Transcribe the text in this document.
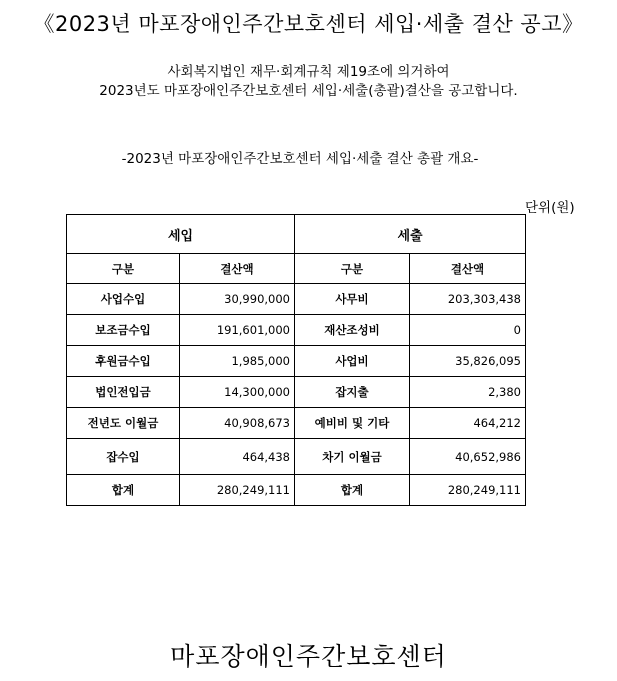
《2023년 마포장애인주간보호센터 세입·세출 결산 공고》
사회복지법인 재무·회계규칙 제19조에 의거하여
2023년도 마포장애인주간보호센터 세입·세출(총괄)결산을 공고합니다.
-2023년 마포장애인주간보호센터 세입·세출 결산 총괄 개요-
단위(원)
세입		세출	
구분	결산액	구분	결산액
사업수입	30,990,000	사무비	203,303,438
보조금수입	191,601,000	재산조성비	0
후원금수입	1,985,000	사업비	35,826,095
법인전입금	14,300,000	잡지출	2,380
전년도 이월금	40,908,673	예비비 및 기타	464,212
잡수입	464,438	차기 이월금	40,652,986
합계	280,249,111	합계	280,249,111
마포장애인주간보호센터
